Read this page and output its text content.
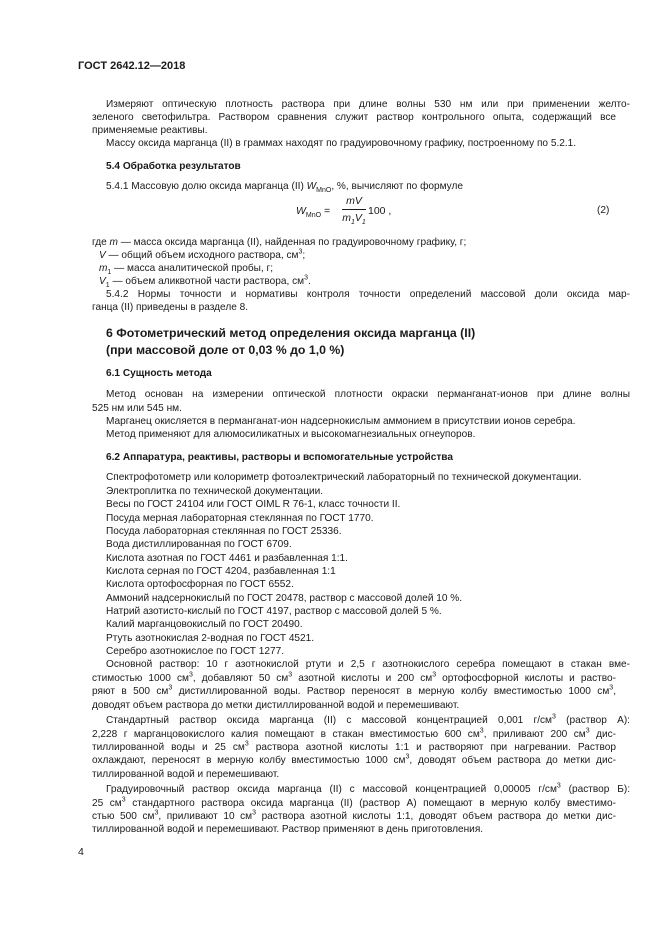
ГОСТ 2642.12—2018
Измеряют оптическую плотность раствора при длине волны 530 нм или при применении желто-
зеленого светофильтра. Раствором сравнения служит раствор контрольного опыта, содержащий все
применяемые реактивы.
Массу оксида марганца (II) в граммах находят по градуировочному графику, построенному по 5.2.1.
5.4 Обработка результатов
5.4.1 Массовую долю оксида марганца (II) $W_{MnO}$, %, вычисляют по формуле
$W_{MnO}$ =
mV
$m_1V_1$
100 ,	(2)
где m — масса оксида марганца (II), найденная по градуировочному графику, г;
V — общий объем исходного раствора, $см^3$;
$m_1$ — масса аналитической пробы, г;
$V_1$ — объем аликвотной части раствора, $см^3$.
5.4.2 Нормы точности и нормативы контроля точности определений массовой доли оксида мар-
ганца (II) приведены в разделе 8.
6 Фотометрический метод определения оксида марганца (II)
(при массовой доле от 0,03 % до 1,0 %)
6.1 Сущность метода
Метод основан на измерении оптической плотности окраски перманганат-ионов при длине волны
525 нм или 545 нм.
Марганец окисляется в перманганат-ион надсернокислым аммонием в присутствии ионов серебра.
Метод применяют для алюмосиликатных и высокомагнезиальных огнеупоров.
6.2 Аппаратура, реактивы, растворы и вспомогательные устройства
Спектрофотометр или колориметр фотоэлектрический лабораторный по технической документации.
Электроплитка по технической документации.
Весы по ГОСТ 24104 или ГОСТ OIML R 76-1, класс точности II.
Посуда мерная лабораторная стеклянная по ГОСТ 1770.
Посуда лабораторная стеклянная по ГОСТ 25336.
Вода дистиллированная по ГОСТ 6709.
Кислота азотная по ГОСТ 4461 и разбавленная 1:1.
Кислота серная по ГОСТ 4204, разбавленная 1:1
Кислота ортофосфорная по ГОСТ 6552.
Аммоний надсернокислый по ГОСТ 20478, раствор с массовой долей 10 %.
Натрий азотисто-кислый по ГОСТ 4197, раствор с массовой долей 5 %.
Калий марганцовокислый по ГОСТ 20490.
Ртуть азотнокислая 2-водная по ГОСТ 4521.
Серебро азотнокислое по ГОСТ 1277.
Основной раствор: 10 г азотнокислой ртути и 2,5 г азотнокислого серебра помещают в стакан вме-
стимостью 1000 $см^3$, добавляют 50 $см^3$ азотной кислоты и 200 $см^3$ ортофосфорной кислоты и раство-
ряют в 500 $см^3$ дистиллированной воды. Раствор переносят в мерную колбу вместимостью 1000 $см^3$,
доводят объем раствора до метки дистиллированной водой и перемешивают.
Стандартный раствор оксида марганца (II) с массовой концентрацией 0,001 $г/см^3$ (раствор А):
2,228 г марганцовокислого калия помещают в стакан вместимостью 600 $см^3$, приливают 200 $см^3$ дис-
тиллированной воды и 25 $см^3$ раствора азотной кислоты 1:1 и растворяют при нагревании. Раствор
охлаждают, переносят в мерную колбу вместимостью 1000 $см^3$, доводят объем раствора до метки дис-
тиллированной водой и перемешивают.
Градуировочный раствор оксида марганца (II) с массовой концентрацией 0,00005 $г/см^3$ (раствор Б):
25 $см^3$ стандартного раствора оксида марганца (II) (раствор А) помещают в мерную колбу вместимо-
стью 500 $см^3$, приливают 10 $см^3$ раствора азотной кислоты 1:1, доводят объем раствора до метки дис-
тиллированной водой и перемешивают. Раствор применяют в день приготовления.
4
